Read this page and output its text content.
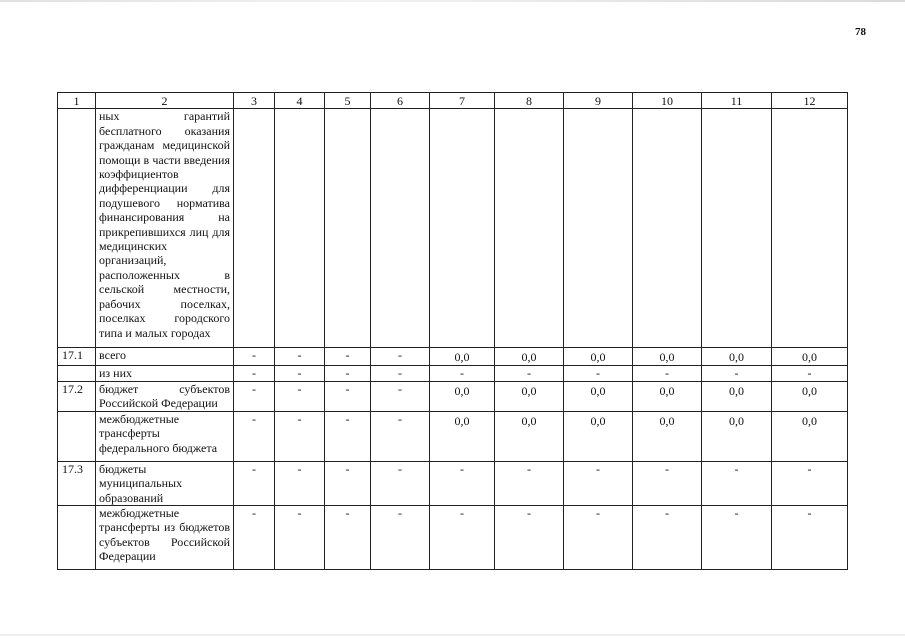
78
1	2	3	4	5	6	7	8	9	10	11	12
	ных гарантий бесплатного оказания гражданам медицинской помощи в части введения коэффициентов дифференциации для подушевого норматива финансирования на прикрепившихся лиц для медицинских организаций, расположенных в сельской местности, рабочих поселках, поселках городского типа и малых городах										
17.1	всего	-	-	-	-	0,0	0,0	0,0	0,0	0,0	0,0
	из них	-	-	-	-	-	-	-	-	-	-
17.2	бюджет субъектов Российской Федерации	-	-	-	-	0,0	0,0	0,0	0,0	0,0	0,0
	межбюджетные трансферты федерального бюджета	-	-	-	-	0,0	0,0	0,0	0,0	0,0	0,0
17.3	бюджеты муниципальных образований	-	-	-	-	-	-	-	-	-	-
	межбюджетные трансферты из бюджетов субъектов Российской Федерации	-	-	-	-	-	-	-	-	-	-
